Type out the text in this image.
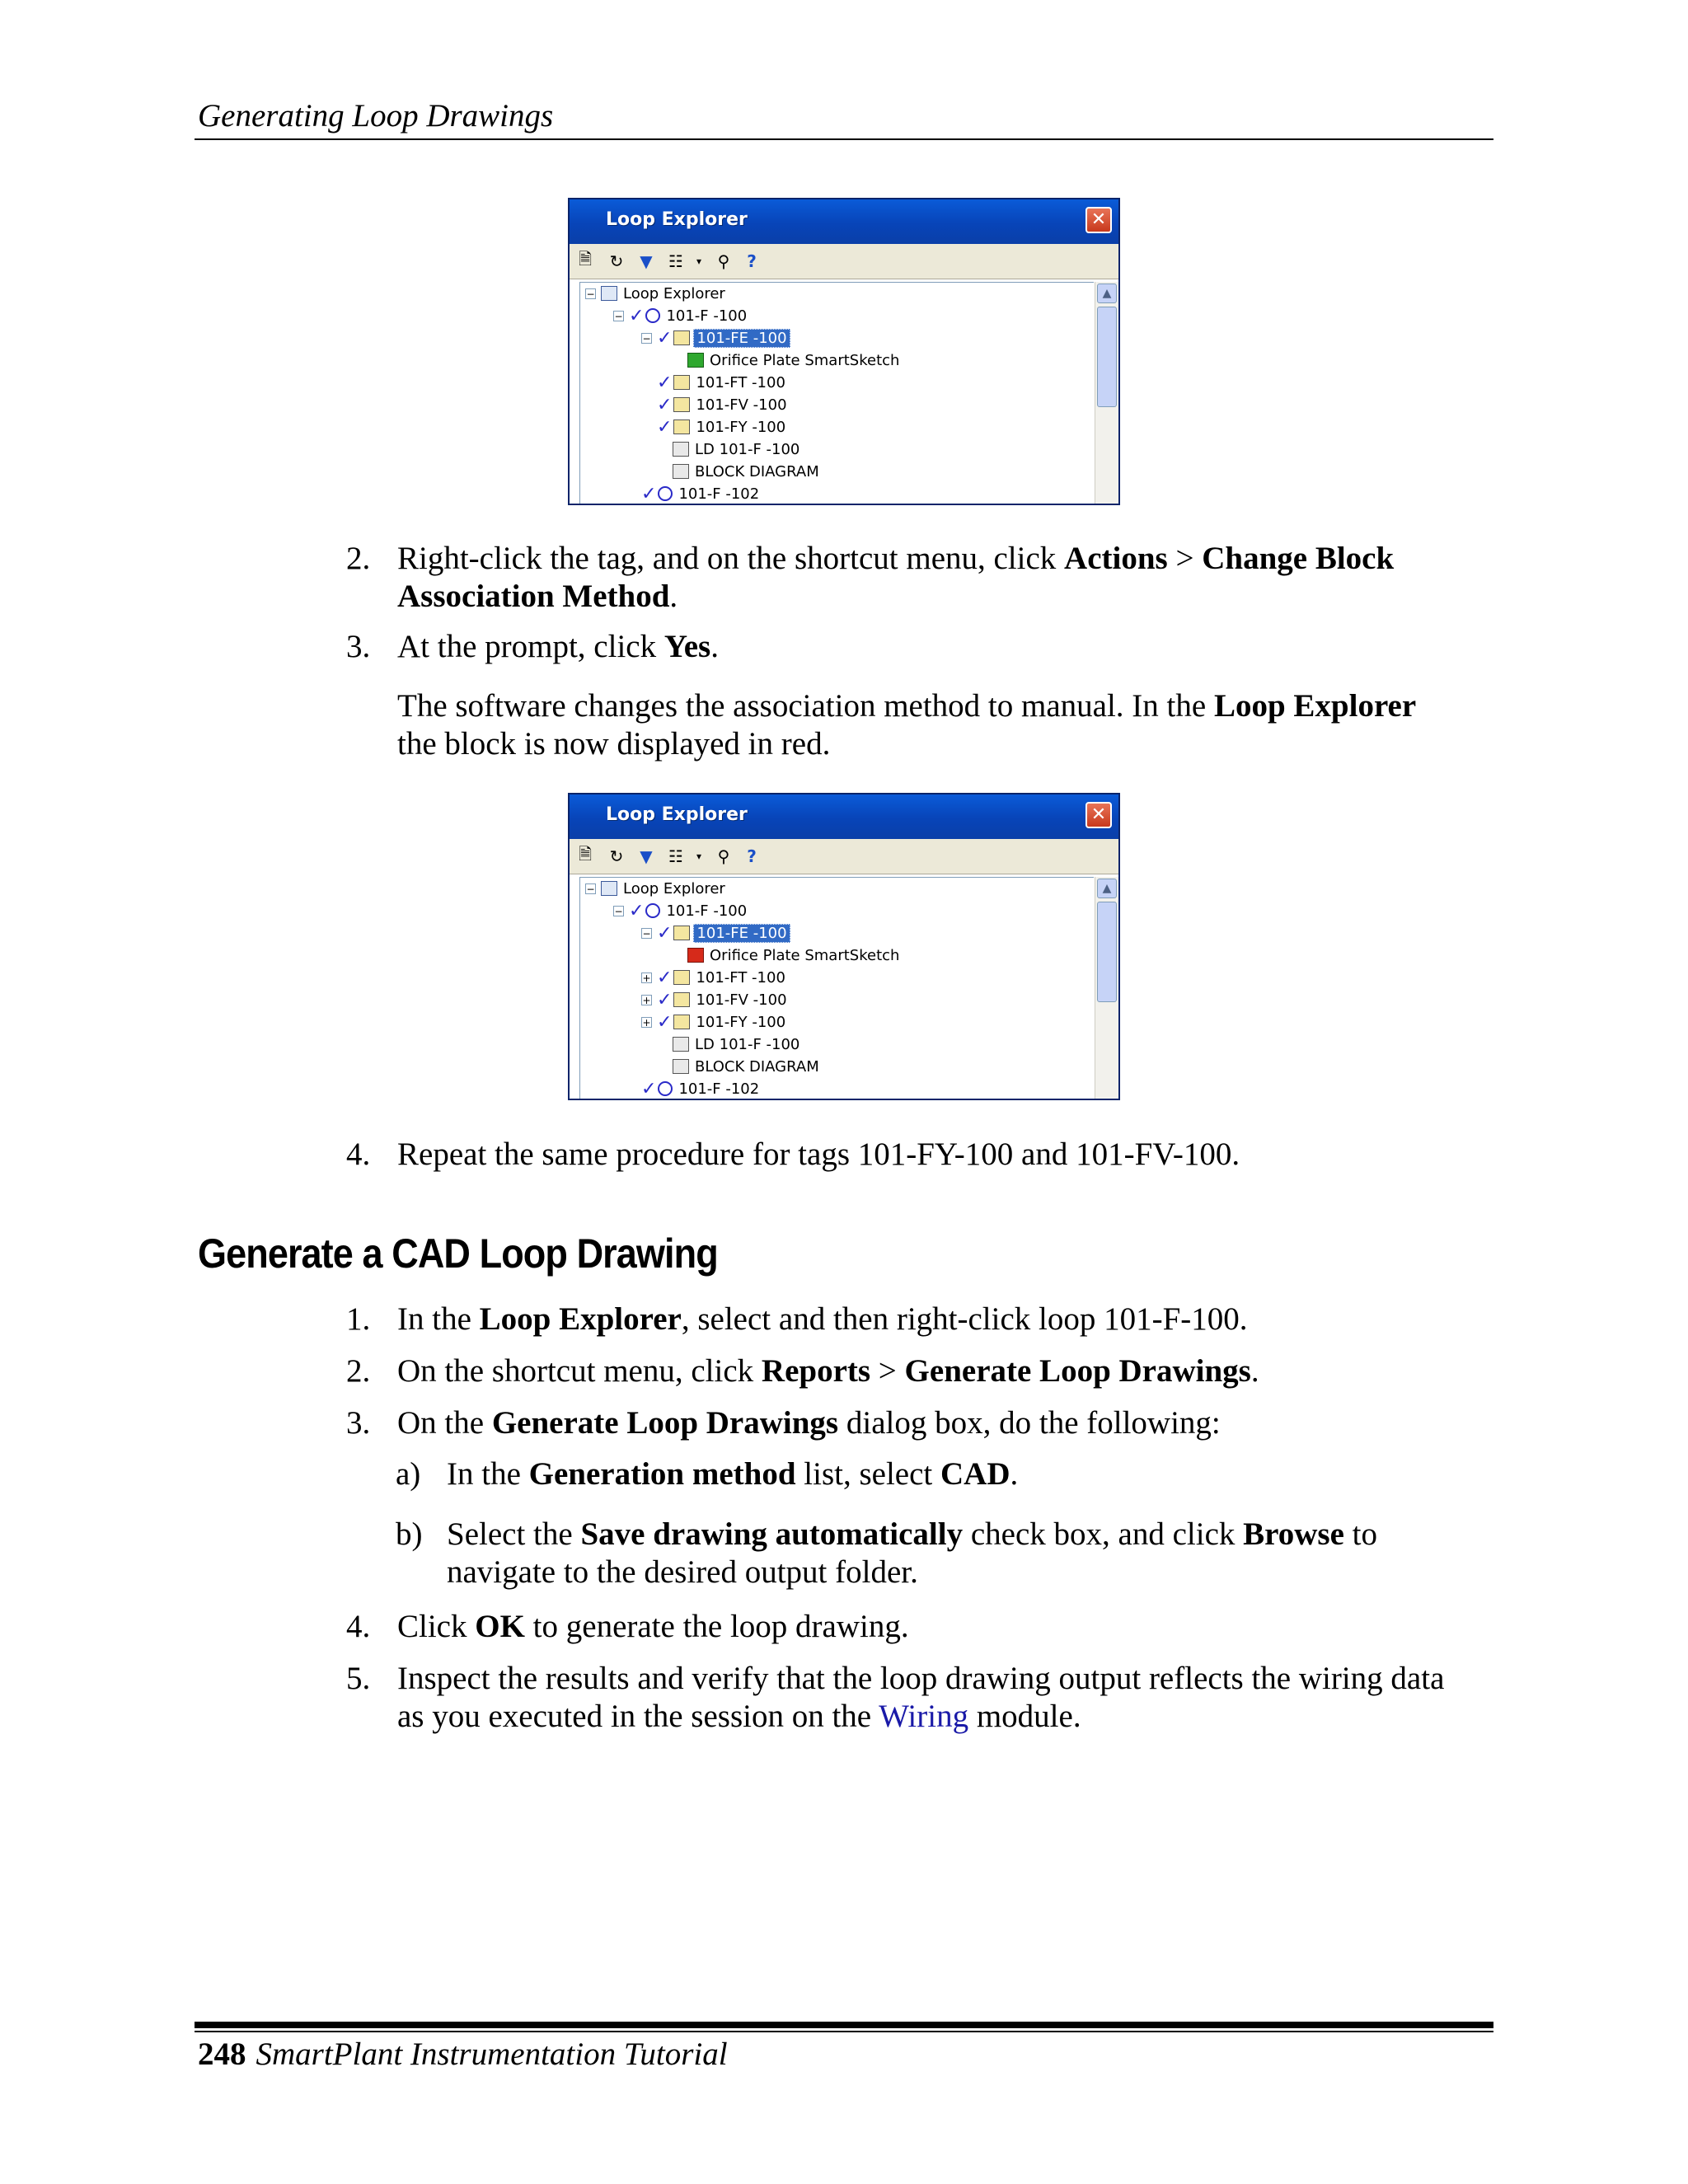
Generating Loop Drawings
Loop Explorer	✕
🗎 ↻ ▼ ☷	▾ ⚲	?
− Loop Explorer
− ✓ 101-F -100
− ✓ 101-FE -100
Orifice Plate SmartSketch
✓ 101-FT -100
✓ 101-FV -100
✓ 101-FY -100
LD 101-F -100
BLOCK DIAGRAM
✓ 101-F -102
▲
2. Right-click the tag, and on the shortcut menu, click Actions > Change Block
Association Method.
3. At the prompt, click Yes.
The software changes the association method to manual. In the Loop Explorer
the block is now displayed in red.
Loop Explorer	✕
🗎 ↻ ▼ ☷	▾ ⚲	?
− Loop Explorer
− ✓ 101-F -100
− ✓ 101-FE -100
Orifice Plate SmartSketch
+ ✓ 101-FT -100
+ ✓ 101-FV -100
+ ✓ 101-FY -100
LD 101-F -100
BLOCK DIAGRAM
✓ 101-F -102
▲
4. Repeat the same procedure for tags 101-FY-100 and 101-FV-100.
Generate a CAD Loop Drawing
1. In the Loop Explorer, select and then right-click loop 101-F-100.
2. On the shortcut menu, click Reports > Generate Loop Drawings.
3. On the Generate Loop Drawings dialog box, do the following:
a) In the Generation method list, select CAD.
b) Select the Save drawing automatically check box, and click Browse to
navigate to the desired output folder.
4. Click OK to generate the loop drawing.
5. Inspect the results and verify that the loop drawing output reflects the wiring data
as you executed in the session on the Wiring module.
248 SmartPlant Instrumentation Tutorial
